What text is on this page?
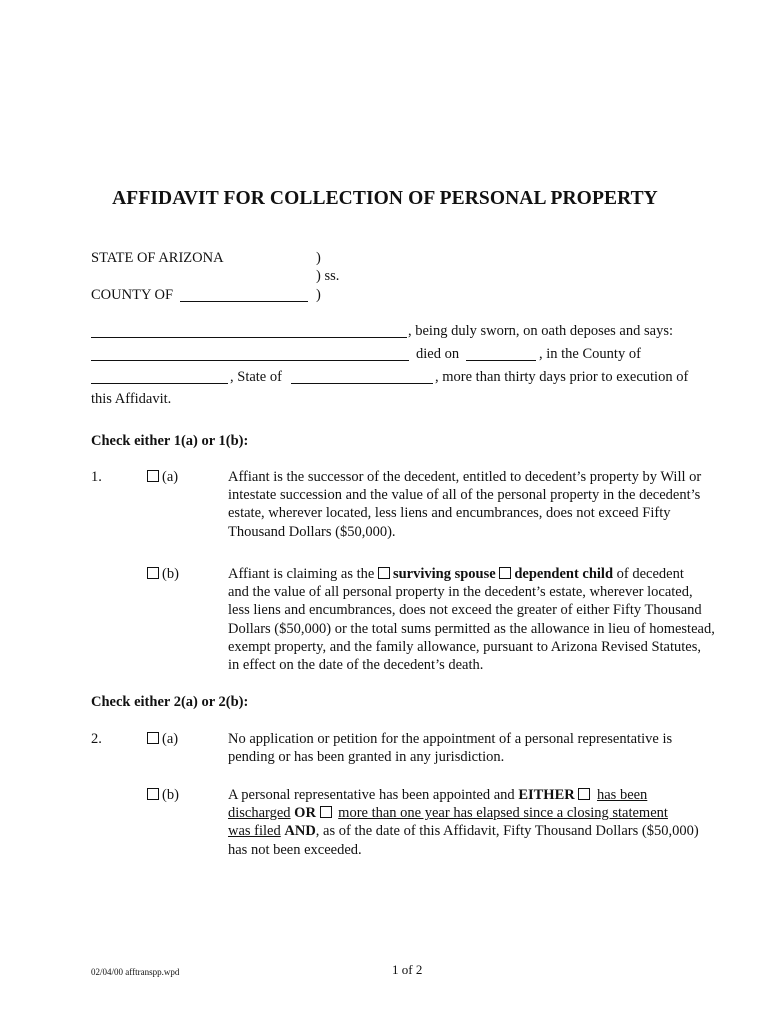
AFFIDAVIT FOR COLLECTION OF PERSONAL PROPERTY
STATE OF ARIZONA	)
) ss.
COUNTY OF	)
, being duly sworn, on oath deposes and says:
died on	, in the County of
, State of	, more than thirty days prior to execution of
this Affidavit.
Check either 1(a) or 1(b):
1.	(a)	Affiant is the successor of the decedent, entitled to decedent’s property by Will or
intestate succession and the value of all of the personal property in the decedent’s
estate, wherever located, less liens and encumbrances, does not exceed Fifty
Thousand Dollars ($50,000).
(b)	Affiant is claiming as the surviving spouse dependent child of decedent
and the value of all personal property in the decedent’s estate, wherever located,
less liens and encumbrances, does not exceed the greater of either Fifty Thousand
Dollars ($50,000) or the total sums permitted as the allowance in lieu of homestead,
exempt property, and the family allowance, pursuant to Arizona Revised Statutes,
in effect on the date of the decedent’s death.
Check either 2(a) or 2(b):
2.	(a)	No application or petition for the appointment of a personal representative is
pending or has been granted in any jurisdiction.
(b)	A personal representative has been appointed and EITHER has been
discharged OR more than one year has elapsed since a closing statement
was filed AND, as of the date of this Affidavit, Fifty Thousand Dollars ($50,000)
has not been exceeded.
02/04/00 afftranspp.wpd	1 of 2
